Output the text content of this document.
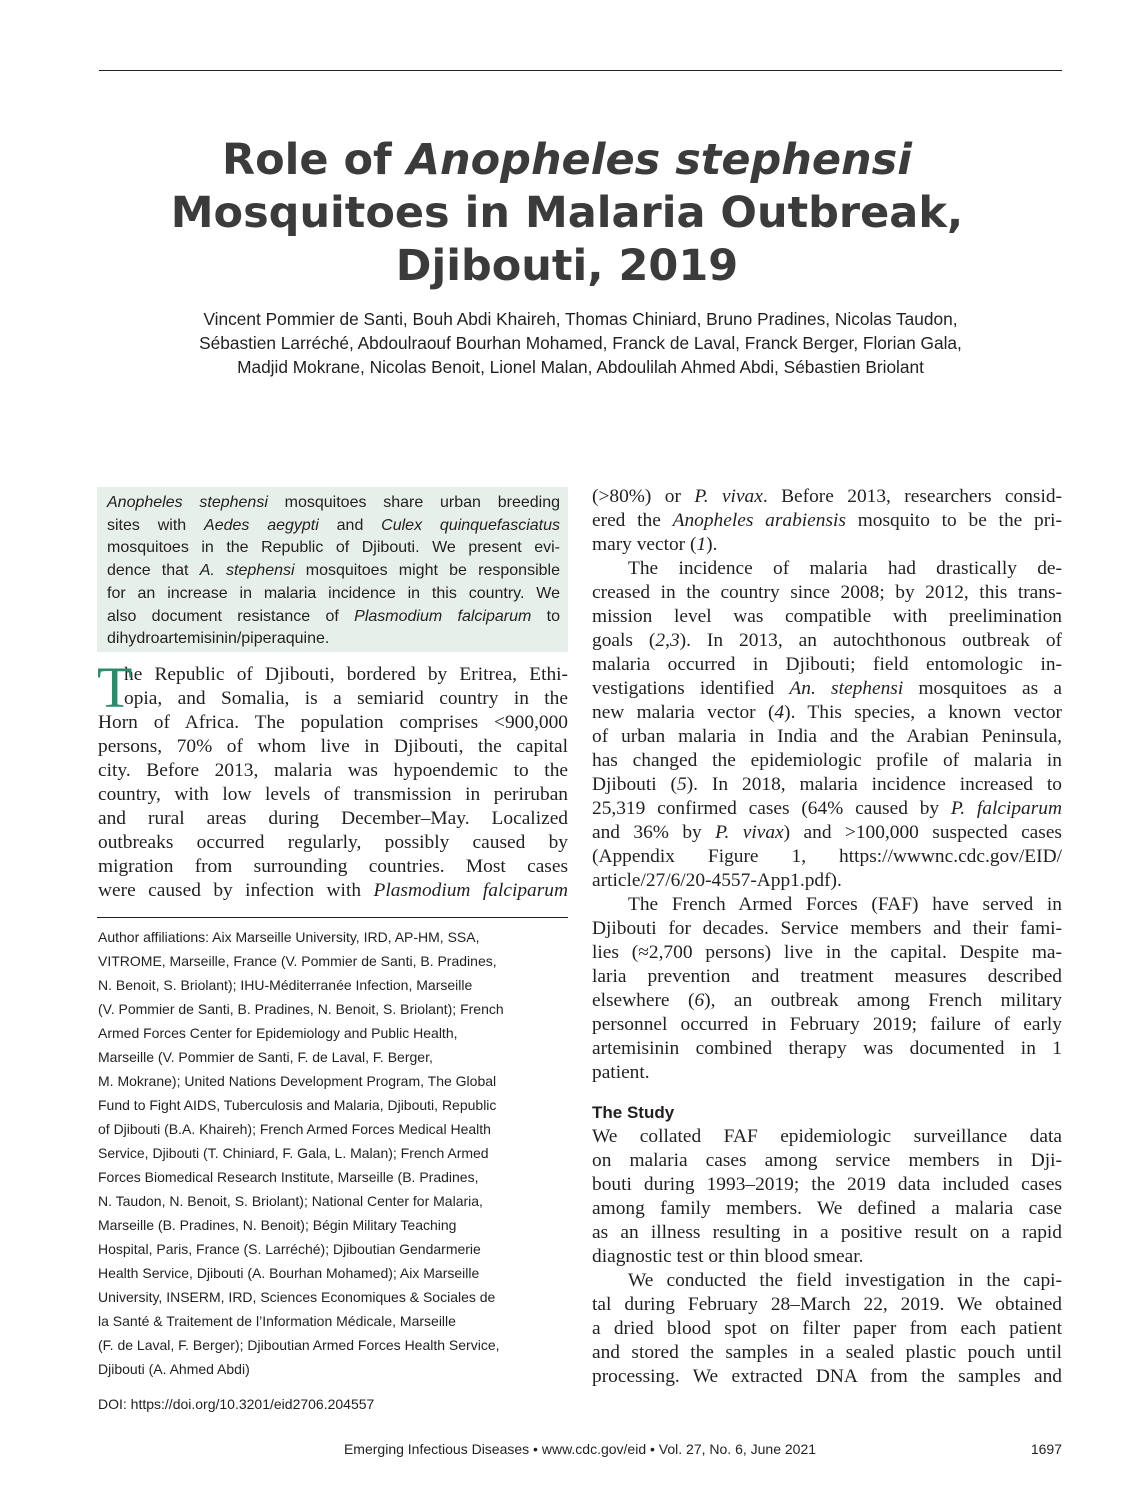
Role of Anopheles stephensi
Mosquitoes in Malaria Outbreak,
Djibouti, 2019
Vincent Pommier de Santi, Bouh Abdi Khaireh, Thomas Chiniard, Bruno Pradines, Nicolas Taudon,
Sébastien Larréché, Abdoulraouf Bourhan Mohamed, Franck de Laval, Franck Berger, Florian Gala,
Madjid Mokrane, Nicolas Benoit, Lionel Malan, Abdoulilah Ahmed Abdi, Sébastien Briolant
Anopheles stephensi mosquitoes share urban breeding
sites with Aedes aegypti and Culex quinquefasciatus
mosquitoes in the Republic of Djibouti. We present evi-
dence that A. stephensi mosquitoes might be responsible
for an increase in malaria incidence in this country. We
also document resistance of Plasmodium falciparum to
dihydroartemisinin/piperaquine.
T
he Republic of Djibouti, bordered by Eritrea, Ethi-
opia, and Somalia, is a semiarid country in the
Horn of Africa. The population comprises <900,000
persons, 70% of whom live in Djibouti, the capital
city. Before 2013, malaria was hypoendemic to the
country, with low levels of transmission in periruban
and rural areas during December–May. Localized
outbreaks occurred regularly, possibly caused by
migration from surrounding countries. Most cases
were caused by infection with Plasmodium falciparum
Author affiliations: Aix Marseille University, IRD, AP-HM, SSA,
VITROME, Marseille, France (V. Pommier de Santi, B. Pradines,
N. Benoit, S. Briolant); IHU-Méditerranée Infection, Marseille
(V. Pommier de Santi, B. Pradines, N. Benoit, S. Briolant); French
Armed Forces Center for Epidemiology and Public Health,
Marseille (V. Pommier de Santi, F. de Laval, F. Berger,
M. Mokrane); United Nations Development Program, The Global
Fund to Fight AIDS, Tuberculosis and Malaria, Djibouti, Republic
of Djibouti (B.A. Khaireh); French Armed Forces Medical Health
Service, Djibouti (T. Chiniard, F. Gala, L. Malan); French Armed
Forces Biomedical Research Institute, Marseille (B. Pradines,
N. Taudon, N. Benoit, S. Briolant); National Center for Malaria,
Marseille (B. Pradines, N. Benoit); Bégin Military Teaching
Hospital, Paris, France (S. Larréché); Djiboutian Gendarmerie
Health Service, Djibouti (A. Bourhan Mohamed); Aix Marseille
University, INSERM, IRD, Sciences Economiques & Sociales de
la Santé & Traitement de l’Information Médicale, Marseille
(F. de Laval, F. Berger); Djiboutian Armed Forces Health Service,
Djibouti (A. Ahmed Abdi)
DOI: https://doi.org/10.3201/eid2706.204557
(>80%) or P. vivax. Before 2013, researchers consid-
ered the Anopheles arabiensis mosquito to be the pri-
mary vector (1).
The incidence of malaria had drastically de-
creased in the country since 2008; by 2012, this trans-
mission level was compatible with preelimination
goals (2,3). In 2013, an autochthonous outbreak of
malaria occurred in Djibouti; field entomologic in-
vestigations identified An. stephensi mosquitoes as a
new malaria vector (4). This species, a known vector
of urban malaria in India and the Arabian Peninsula,
has changed the epidemiologic profile of malaria in
Djibouti (5). In 2018, malaria incidence increased to
25,319 confirmed cases (64% caused by P. falciparum
and 36% by P. vivax) and >100,000 suspected cases
(Appendix Figure 1, https://wwwnc.cdc.gov/EID/
article/27/6/20-4557-App1.pdf).
The French Armed Forces (FAF) have served in
Djibouti for decades. Service members and their fami-
lies (≈2,700 persons) live in the capital. Despite ma-
laria prevention and treatment measures described
elsewhere (6), an outbreak among French military
personnel occurred in February 2019; failure of early
artemisinin combined therapy was documented in 1
patient.
The Study
We collated FAF epidemiologic surveillance data
on malaria cases among service members in Dji-
bouti during 1993–2019; the 2019 data included cases
among family members. We defined a malaria case
as an illness resulting in a positive result on a rapid
diagnostic test or thin blood smear.
We conducted the field investigation in the capi-
tal during February 28–March 22, 2019. We obtained
a dried blood spot on filter paper from each patient
and stored the samples in a sealed plastic pouch until
processing. We extracted DNA from the samples and
Emerging Infectious Diseases • www.cdc.gov/eid • Vol. 27, No. 6, June 2021	1697
